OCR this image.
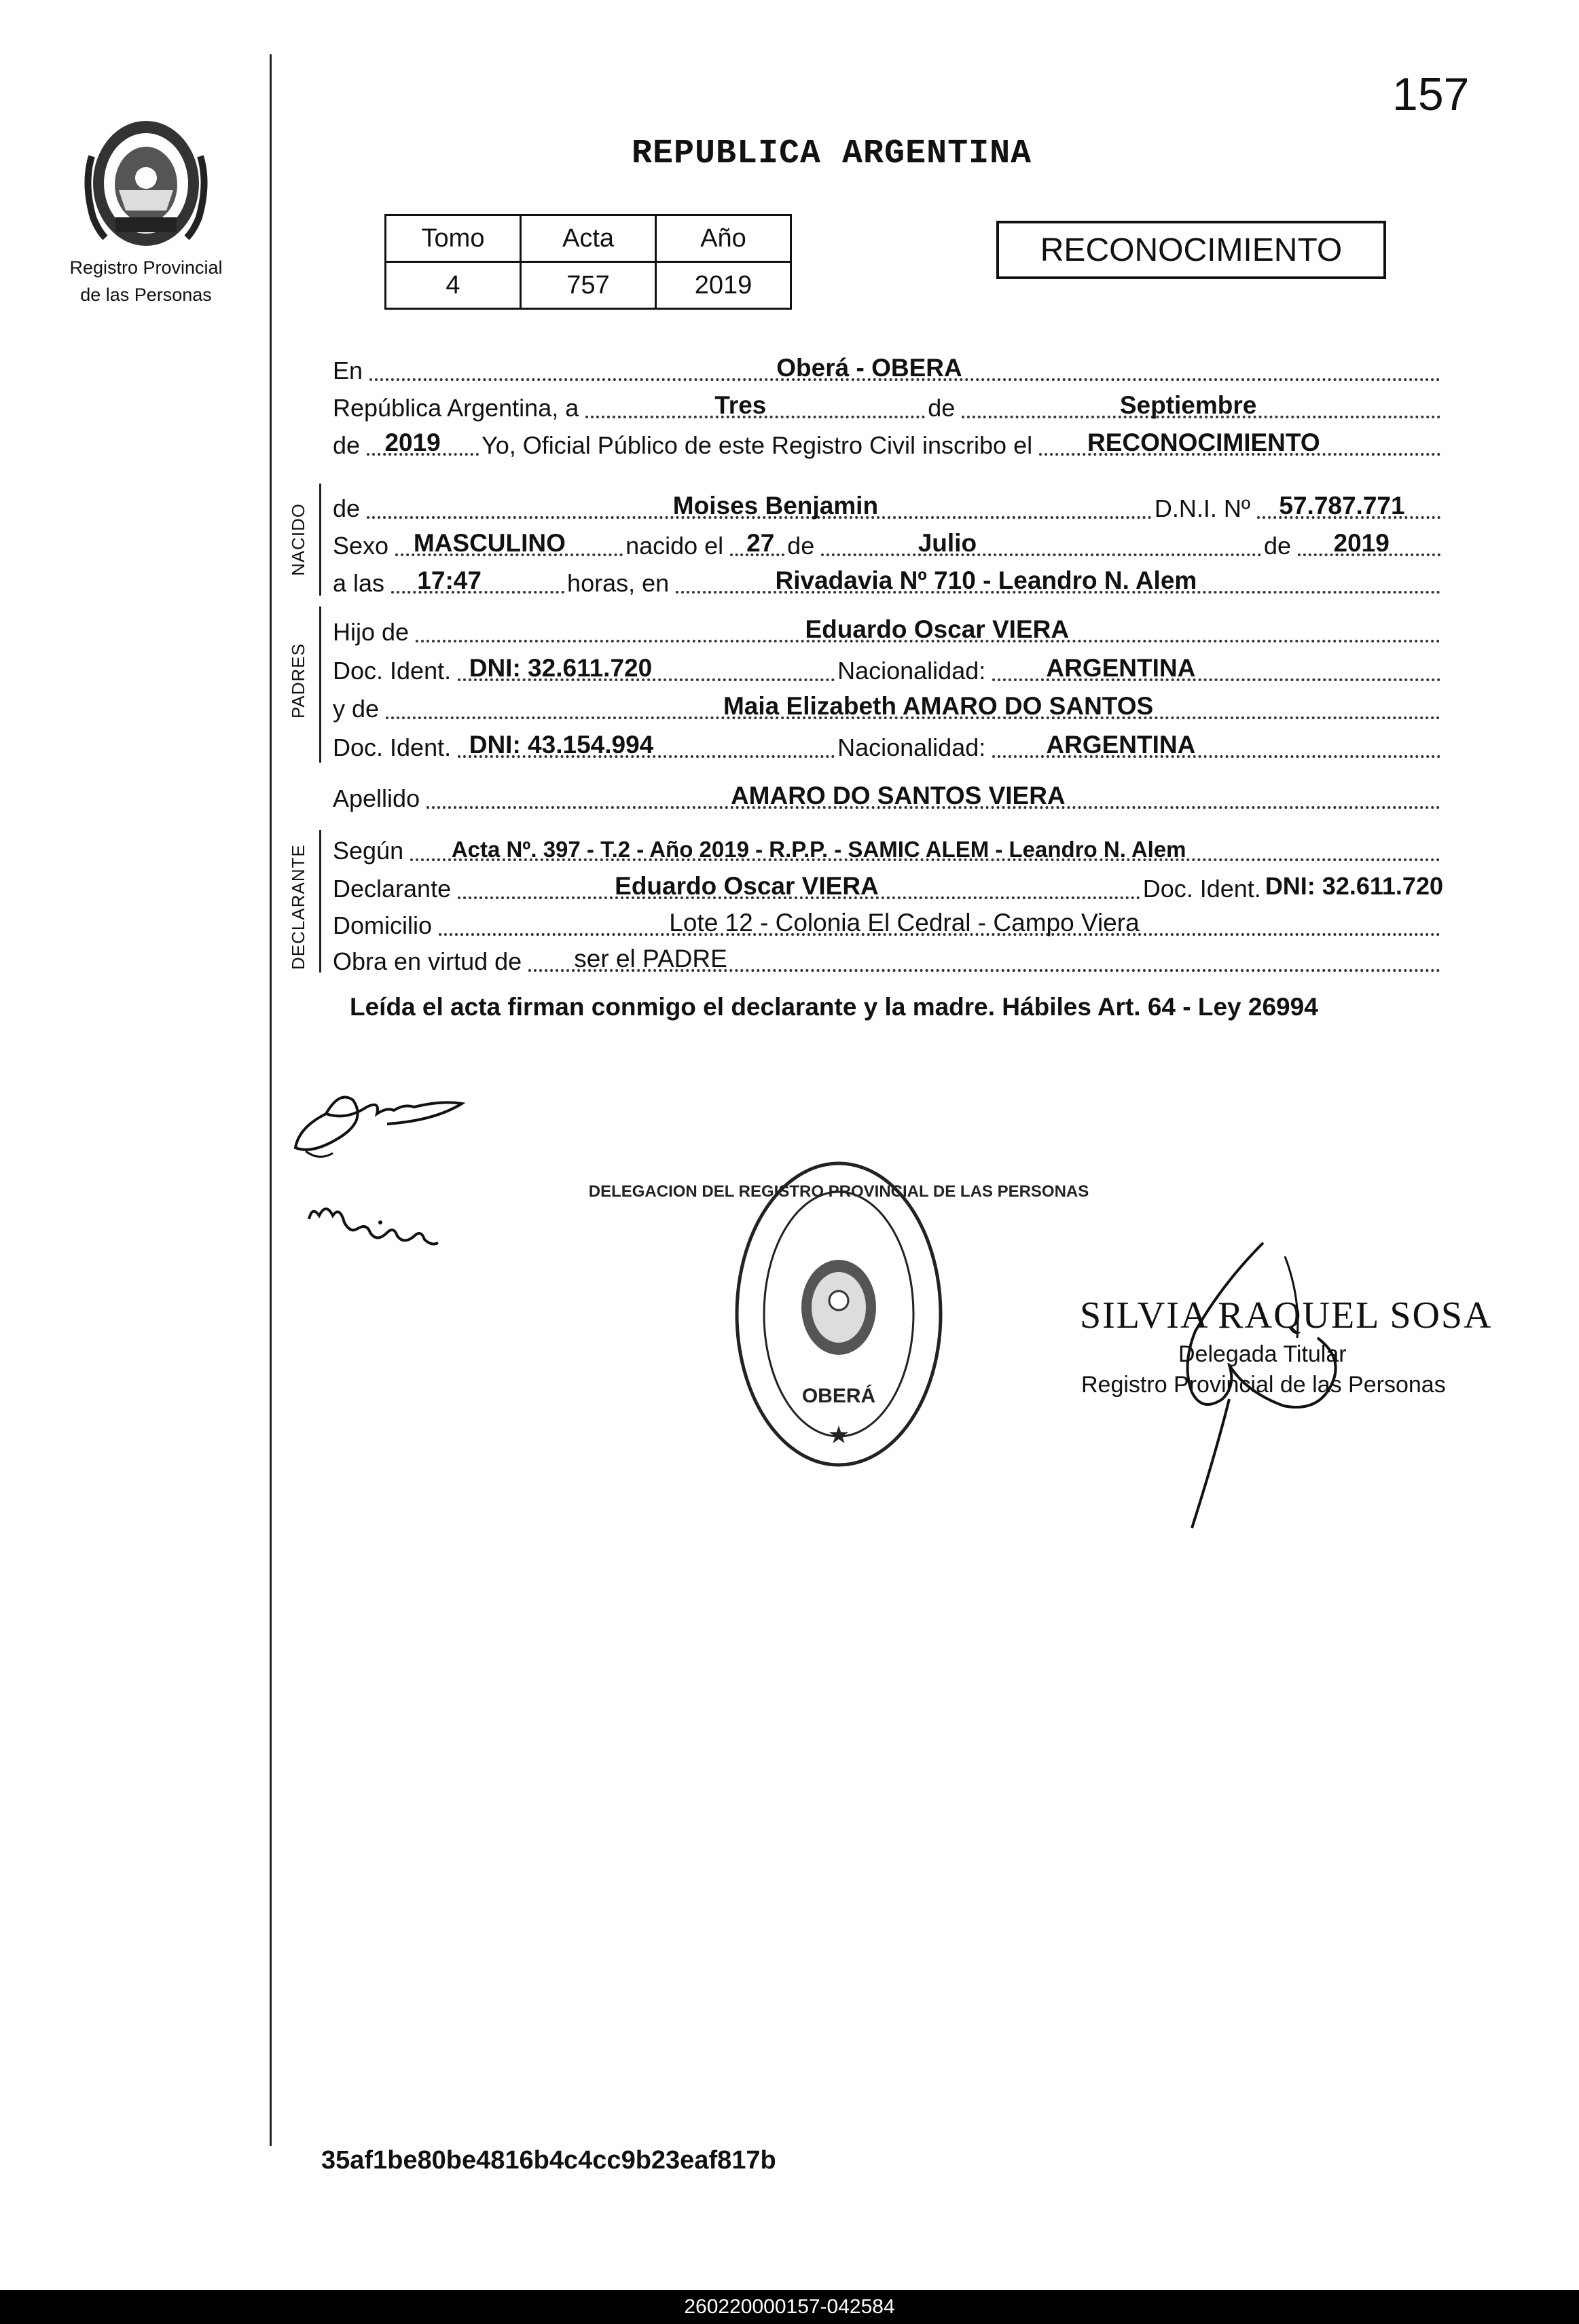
157
Registro Provincial
de las Personas
REPUBLICA ARGENTINA
Tomo	Acta	Año
4	757	2019
RECONOCIMIENTO
En	Oberá - OBERA
República Argentina, a	Tres	de	Septiembre
de 2019 Yo, Oficial Público de este Registro Civil inscribo el RECONOCIMIENTO
NACIDO de	Moises Benjamin	D.N.I. Nº 57.787.771
Sexo MASCULINO nacido el 27 de	Julio	de 2019
a las 17:47	horas, en	Rivadavia Nº 710 - Leandro N. Alem
PADRES
Hijo de	Eduardo Oscar VIERA
Doc. Ident. DNI: 32.611.720	Nacionalidad: ARGENTINA
y de	Maia Elizabeth AMARO DO SANTOS
Doc. Ident. DNI: 43.154.994	Nacionalidad: ARGENTINA
Apellido	AMARO DO SANTOS VIERA
DECLARANTE Según Acta Nº. 397 - T.2 - Año 2019 - R.P.P. - SAMIC ALEM - Leandro N. Alem
Declarante	Eduardo Oscar VIERA	Doc. Ident. DNI: 32.611.720
Domicilio	Lote 12 - Colonia El Cedral - Campo Viera
Obra en virtud de ser el PADRE
Leída el acta firman conmigo el declarante y la madre. Hábiles Art. 64 - Ley 26994
DELEGACION DEL REGISTRO PROVINCIAL DE LAS PERSONAS
OBERÁ
★
SILVIA RAQUEL SOSA
Delegada Titular
Registro Provincial de las Personas
35af1be80be4816b4c4cc9b23eaf817b
260220000157-042584
